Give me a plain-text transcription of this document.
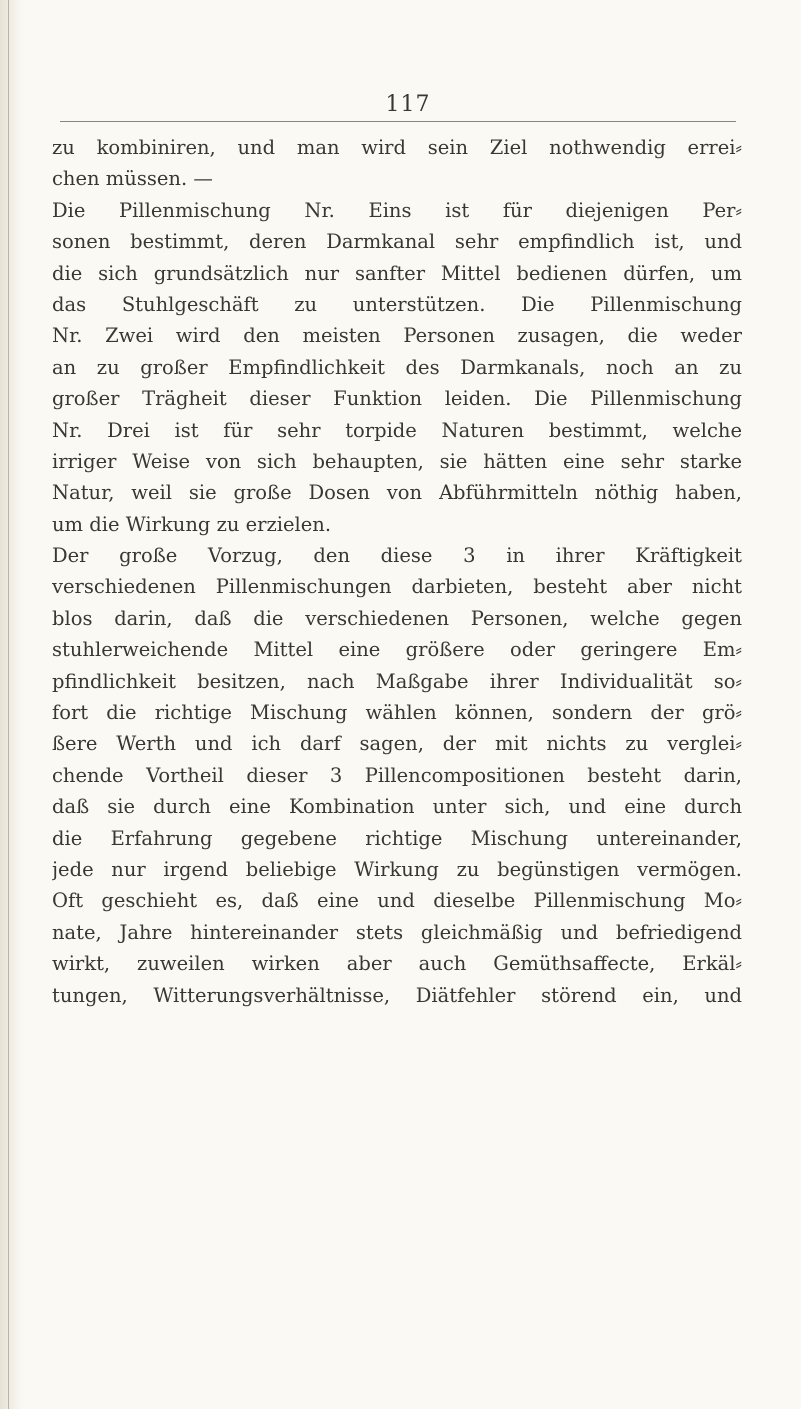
117
zu kombiniren, und man wird sein Ziel nothwendig errei⸗
chen müssen. —
Die Pillenmischung Nr. Eins ist für diejenigen Per⸗
sonen bestimmt, deren Darmkanal sehr empfindlich ist, und
die sich grundsätzlich nur sanfter Mittel bedienen dürfen, um
das Stuhlgeschäft zu unterstützen. Die Pillenmischung
Nr. Zwei wird den meisten Personen zusagen, die weder
an zu großer Empfindlichkeit des Darmkanals, noch an zu
großer Trägheit dieser Funktion leiden. Die Pillenmischung
Nr. Drei ist für sehr torpide Naturen bestimmt, welche
irriger Weise von sich behaupten, sie hätten eine sehr starke
Natur, weil sie große Dosen von Abführmitteln nöthig haben,
um die Wirkung zu erzielen.
Der große Vorzug, den diese 3 in ihrer Kräftigkeit
verschiedenen Pillenmischungen darbieten, besteht aber nicht
blos darin, daß die verschiedenen Personen, welche gegen
stuhlerweichende Mittel eine größere oder geringere Em⸗
pfindlichkeit besitzen, nach Maßgabe ihrer Individualität so⸗
fort die richtige Mischung wählen können, sondern der grö⸗
ßere Werth und ich darf sagen, der mit nichts zu verglei⸗
chende Vortheil dieser 3 Pillencompositionen besteht darin,
daß sie durch eine Kombination unter sich, und eine durch
die Erfahrung gegebene richtige Mischung untereinander,
jede nur irgend beliebige Wirkung zu begünstigen vermögen.
Oft geschieht es, daß eine und dieselbe Pillenmischung Mo⸗
nate, Jahre hintereinander stets gleichmäßig und befriedigend
wirkt, zuweilen wirken aber auch Gemüthsaffecte, Erkäl⸗
tungen, Witterungsverhältnisse, Diätfehler störend ein, und
